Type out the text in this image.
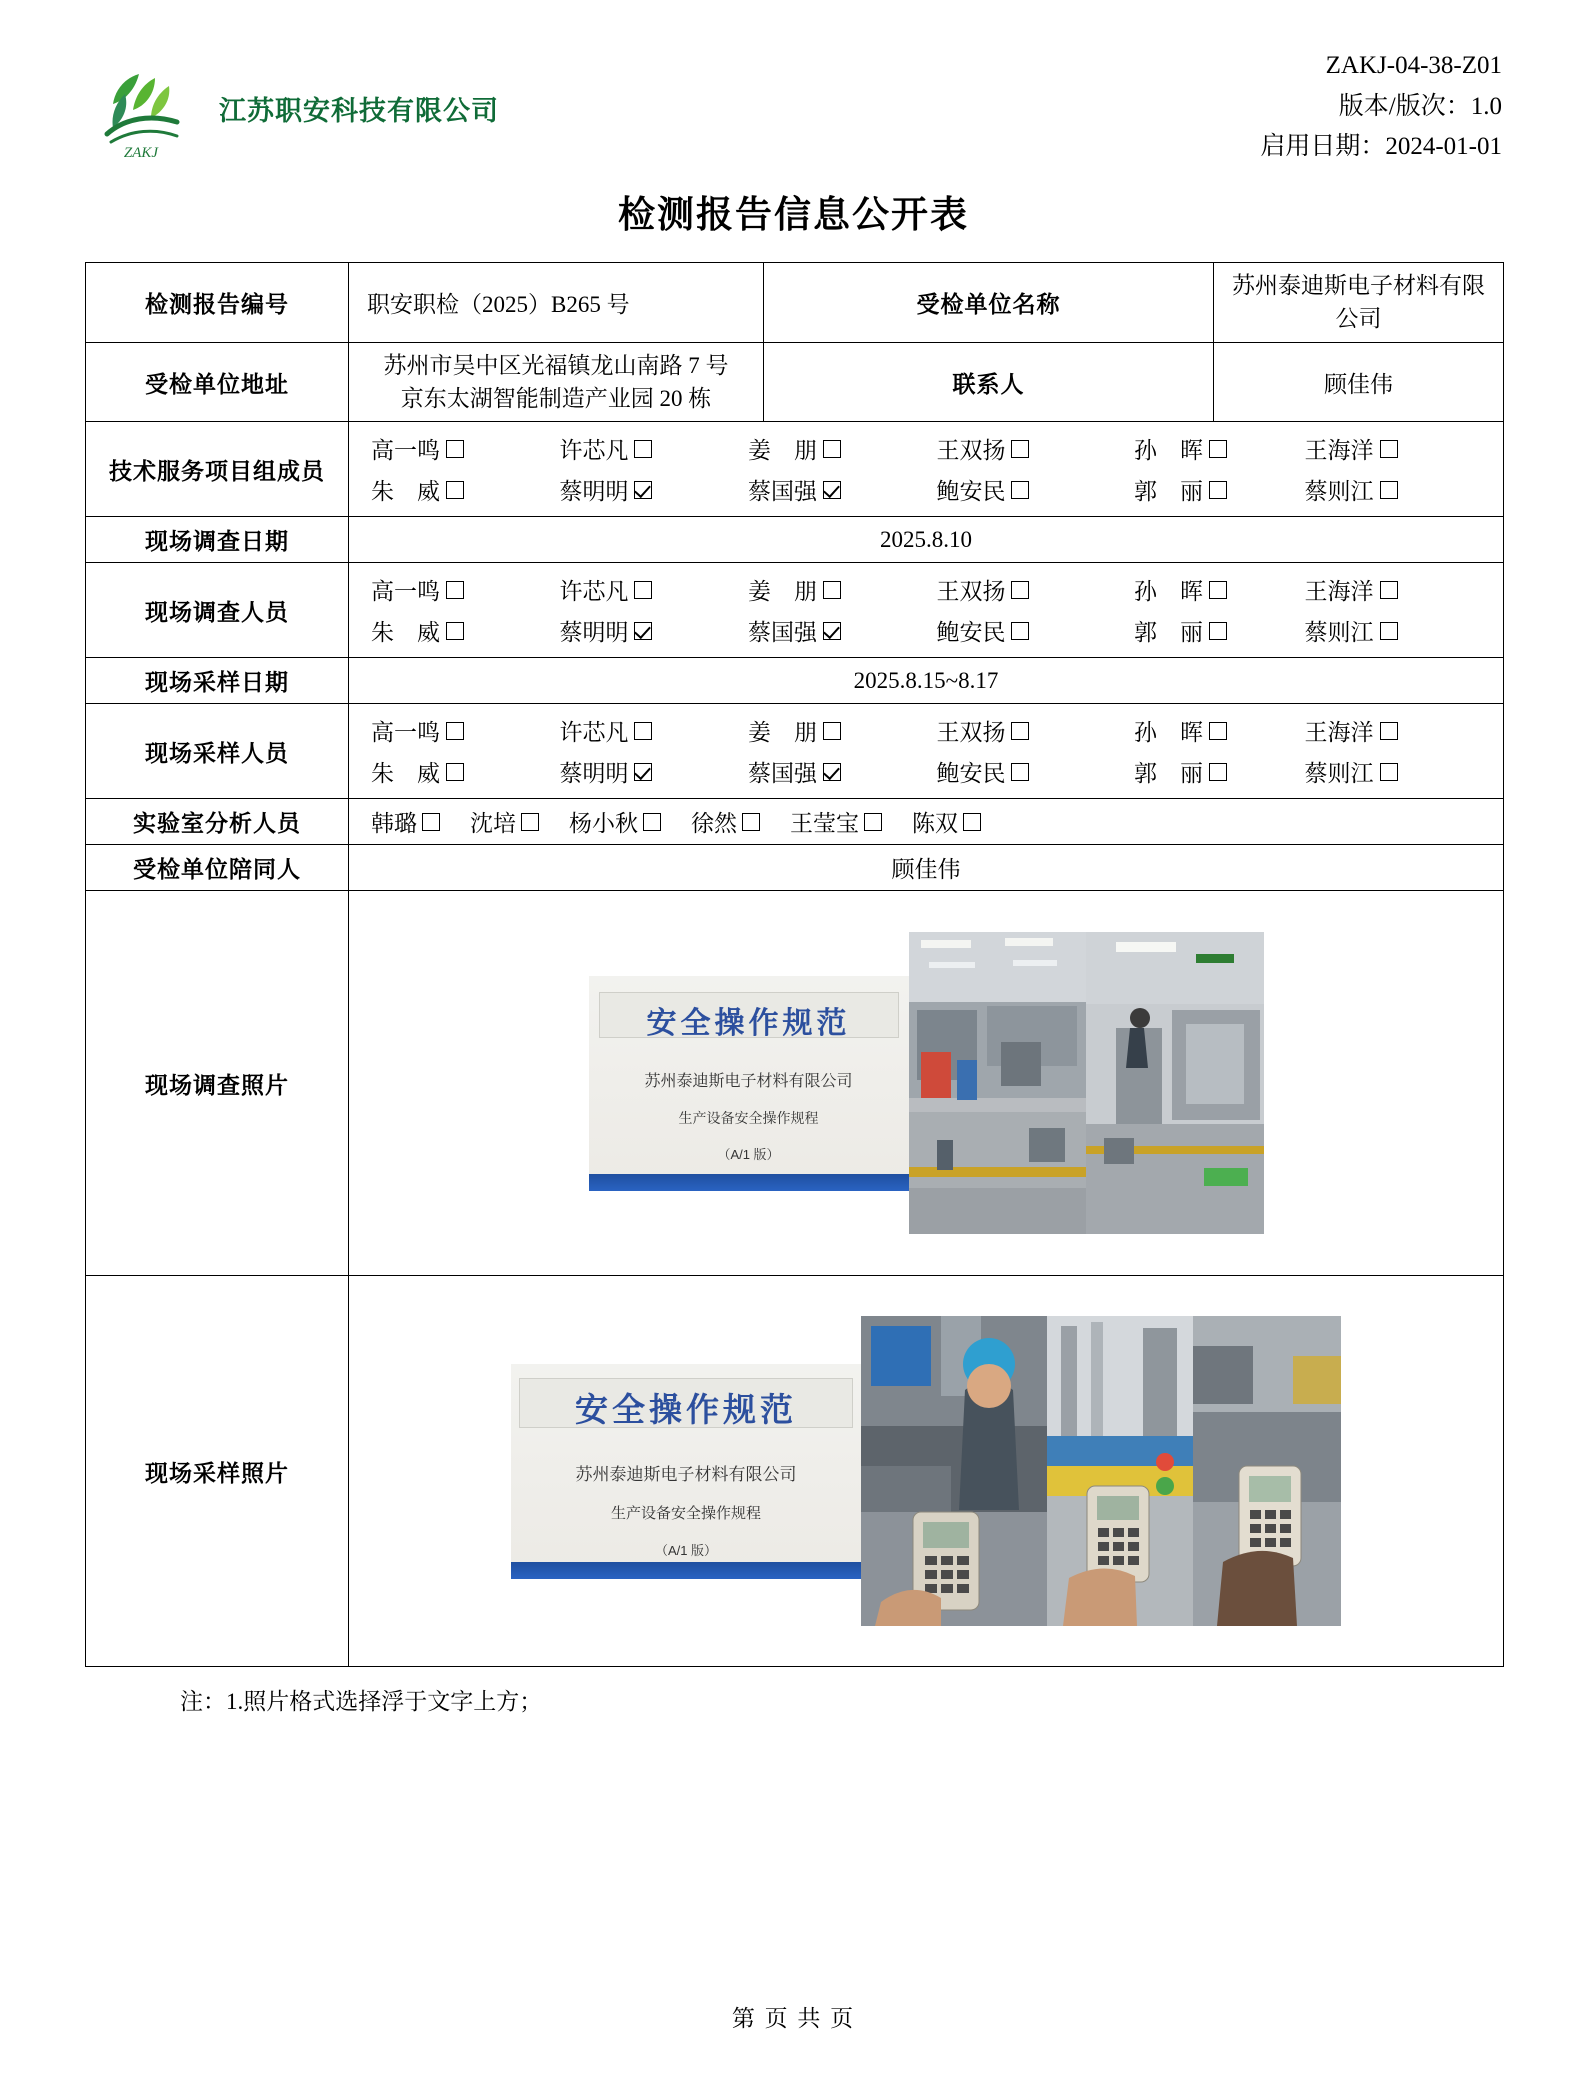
ZAKJ
江苏职安科技有限公司
ZAKJ-04-38-Z01
版本/版次：1.0
启用日期：2024-01-01
检测报告信息公开表
检测报告编号	职安职检（2025）B265 号	受检单位名称	苏州泰迪斯电子材料有限公司
受检单位地址	苏州市吴中区光福镇龙山南路 7 号
京东太湖智能制造产业园 20 栋	联系人	顾佳伟
技术服务项目组成员	
高一鸣	许芯凡	姜　朋	王双扬	孙　晖	王海洋
朱　威	蔡明明	蔡国强	鲍安民	郭　丽	蔡则江

现场调查日期	2025.8.10		
现场调查人员	
高一鸣	许芯凡	姜　朋	王双扬	孙　晖	王海洋
朱　威	蔡明明	蔡国强	鲍安民	郭　丽	蔡则江

现场采样日期	2025.8.15~8.17		
现场采样人员	
高一鸣	许芯凡	姜　朋	王双扬	孙　晖	王海洋
朱　威	蔡明明	蔡国强	鲍安民	郭　丽	蔡则江

实验室分析人员	韩璐 沈培 杨小秋 徐然 王莹宝 陈双

受检单位陪同人	顾佳伟		
现场调查照片	安全操作规范
苏州泰迪斯电子材料有限公司
生产设备安全操作规程
（A/1 版）		

现场采样照片	安全操作规范
苏州泰迪斯电子材料有限公司
生产设备安全操作规程
（A/1 版）		
注：1.照片格式选择浮于文字上方；
第 页 共 页
